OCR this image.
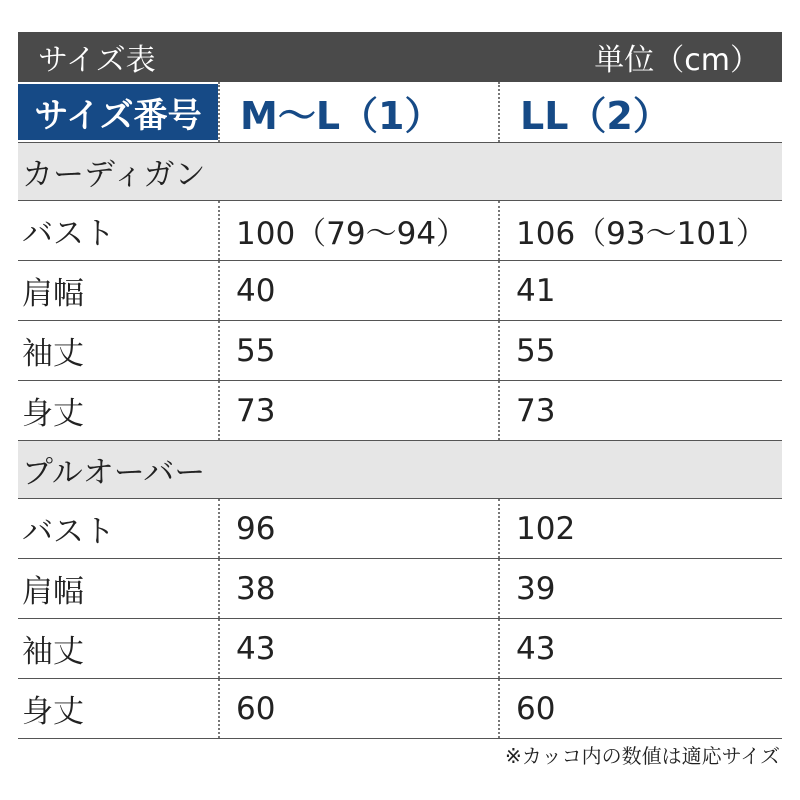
サイズ表	単位（cm）
サイズ番号	M〜L（1）	LL（2）
カーディガン
バスト	100（79〜94）	106（93〜101）
肩幅	40	41
袖丈	55	55
身丈	73	73
プルオーバー
バスト	96	102
肩幅	38	39
袖丈	43	43
身丈	60	60
※カッコ内の数値は適応サイズ
